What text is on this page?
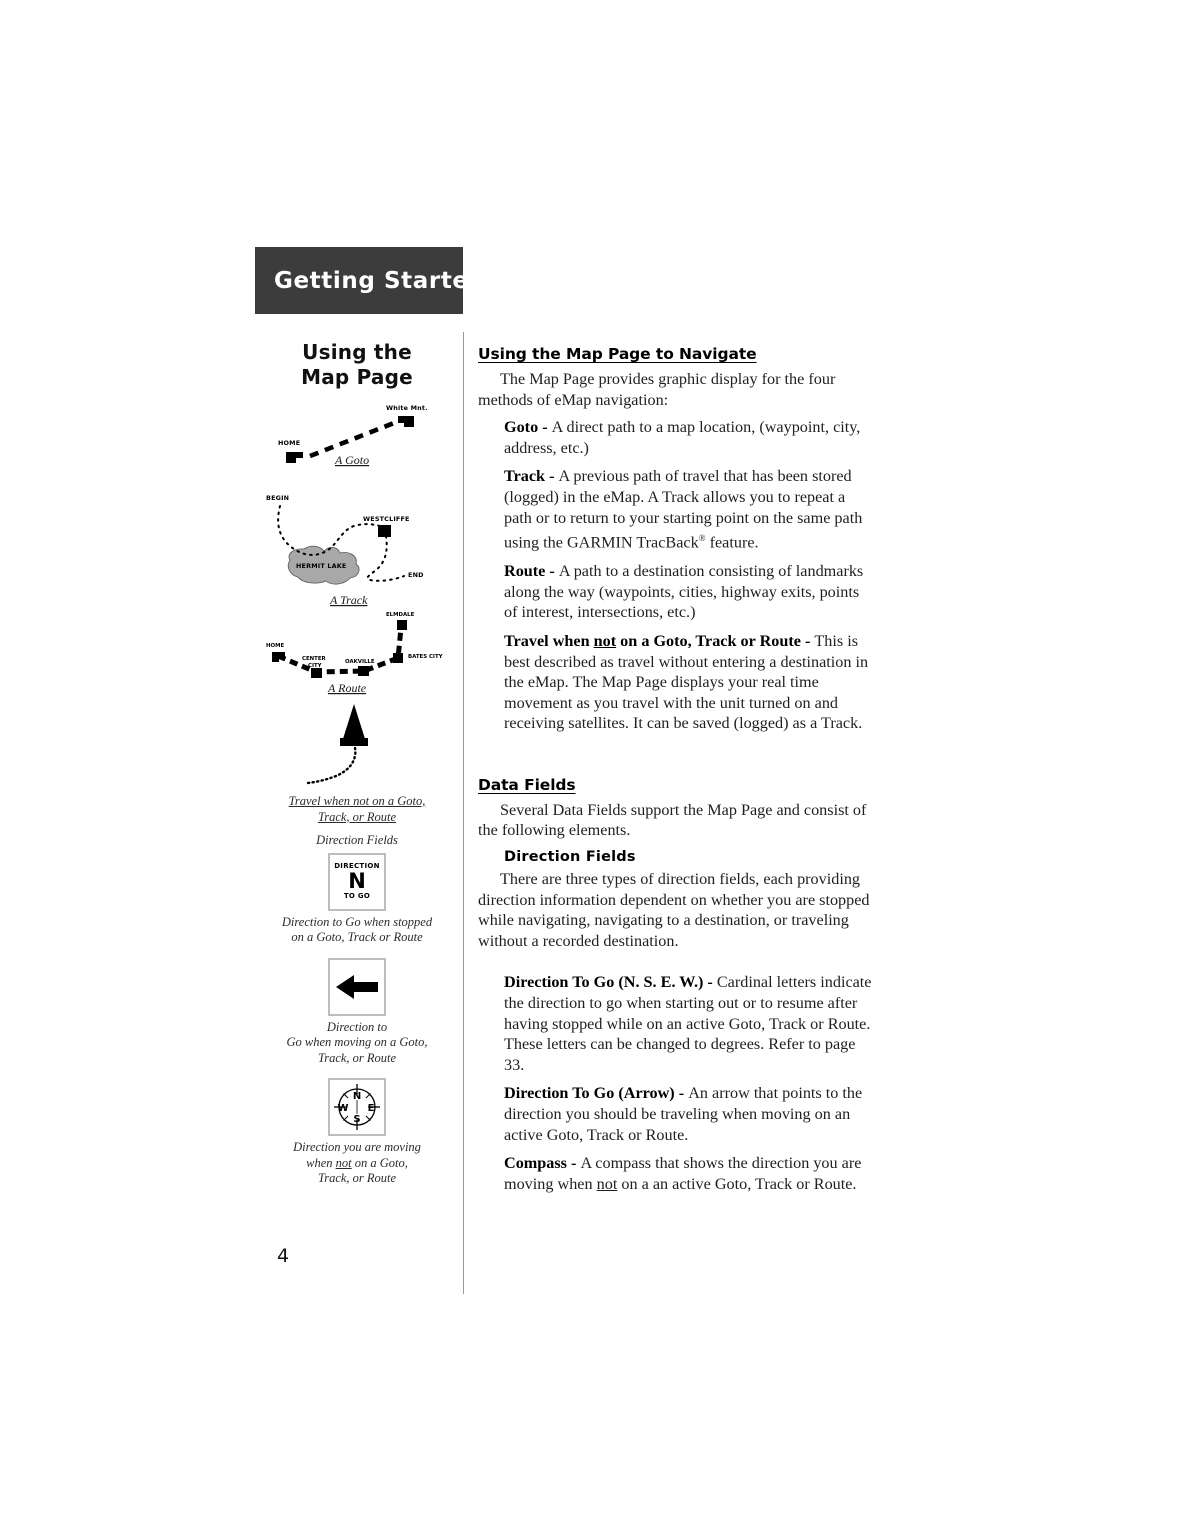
Getting Started
Using the
Map Page
White Mnt.
HOME
A Goto
BEGIN
WESTCLIFFE
END
HERMIT LAKE
A Track
ELMDALE
BATES CITY
OAKVILLE
CENTER
CITY
HOME
A Route
Travel when not on a Goto,
Track, or Route
Direction Fields
DIRECTION
N
TO GO
Direction to Go when stopped
on a Goto, Track or Route
Direction to
Go when moving on a Goto,
Track, or Route
N
S
E
W
Direction you are moving
when not on a Goto,
Track, or Route
Using the Map Page to Navigate

The Map Page provides graphic display for the four methods of eMap navigation:

Goto - A direct path to a map location, (waypoint, city, address, etc.)

Track - A previous path of travel that has been stored (logged) in the eMap. A Track allows you to repeat a path or to return to your starting point on the same path using the GARMIN TracBack® feature.

Route - A path to a destination consisting of landmarks along the way (waypoints, cities, highway exits, points of interest, intersections, etc.)

Travel when not on a Goto, Track or Route - This is best described as travel without entering a destination in the eMap. The Map Page displays your real time movement as you travel with the unit turned on and receiving satellites. It can be saved (logged) as a Track.

Data Fields

Several Data Fields support the Map Page and consist of the following elements.

Direction Fields

There are three types of direction fields, each providing direction information dependent on whether you are stopped while navigating, navigating to a destination, or traveling without a recorded destination.

Direction To Go (N. S. E. W.) - Cardinal letters indicate the direction to go when starting out or to resume after having stopped while on an active Goto, Track or Route. These letters can be changed to degrees. Refer to page 33.

Direction To Go (Arrow) - An arrow that points to the direction you should be traveling when moving on an active Goto, Track or Route.

Compass - A compass that shows the direction you are moving when not on a an active Goto, Track or Route.

4
